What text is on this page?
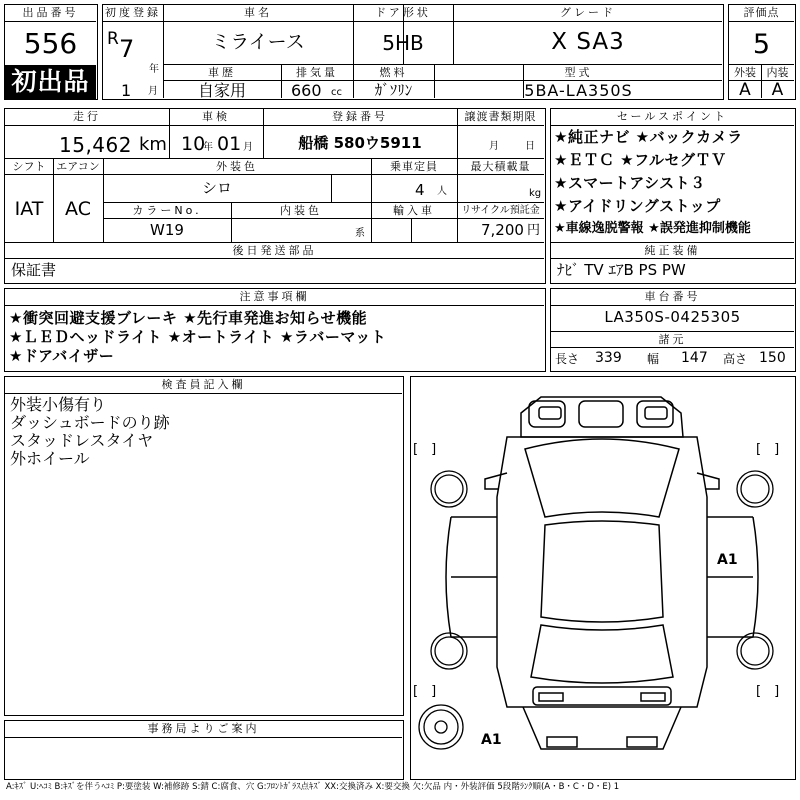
出品番号
556
初出品
初度登録
R 7
年
1 月
車名
ミライース
ドア形状
5HB
グレード
X SA3
車歴
自家用
排気量
660 cc
燃料
ｶﾞｿﾘﾝ
型式
5BA-LA350S
評価点
5
外装 内装
A	A
走行
15,462 km
車検
10
年 01 月
登録番号
船橋 580ウ5911
譲渡書類期限
月	日
シフト エアコン
IAT	AC
外装色
シロ
乗車定員
4 人
最大積載量
kg
カラーNo.
W19
内装色
系
輸入車	リサイクル預託金
7,200 円
後日発送部品
保証書
セールスポイント
★純正ナビ ★バックカメラ
★ＥＴＣ ★フルセグＴＶ
★スマートアシスト３
★アイドリングストップ
★車線逸脱警報 ★誤発進抑制機能
純正装備
ﾅﾋﾞ TV ｴｱB PS PW
注意事項欄
★衝突回避支援ブレーキ ★先行車発進お知らせ機能
★ＬＥＤヘッドライト ★オートライト ★ラバーマット
★ドアバイザー
車台番号
LA350S-0425305
諸元
長さ 339 幅 147 高さ 150
検査員記入欄
外装小傷有り
ダッシュボードのり跡
スタッドレスタイヤ
外ホイール
事務局よりご案内
[　]	[　]
[　]	[　]
A1
A1
A:ｷｽﾞ U:ﾍｺﾐ B:ｷｽﾞを伴うﾍｺﾐ P:要塗装 W:補修跡 S:錆 C:腐食、穴 G:ﾌﾛﾝﾄｶﾞﾗｽ点ｷｽﾞ XX:交換済み X:要交換 欠:欠品 内・外装評価 5段階ﾗﾝｸ順(A・B・C・D・E) 1
